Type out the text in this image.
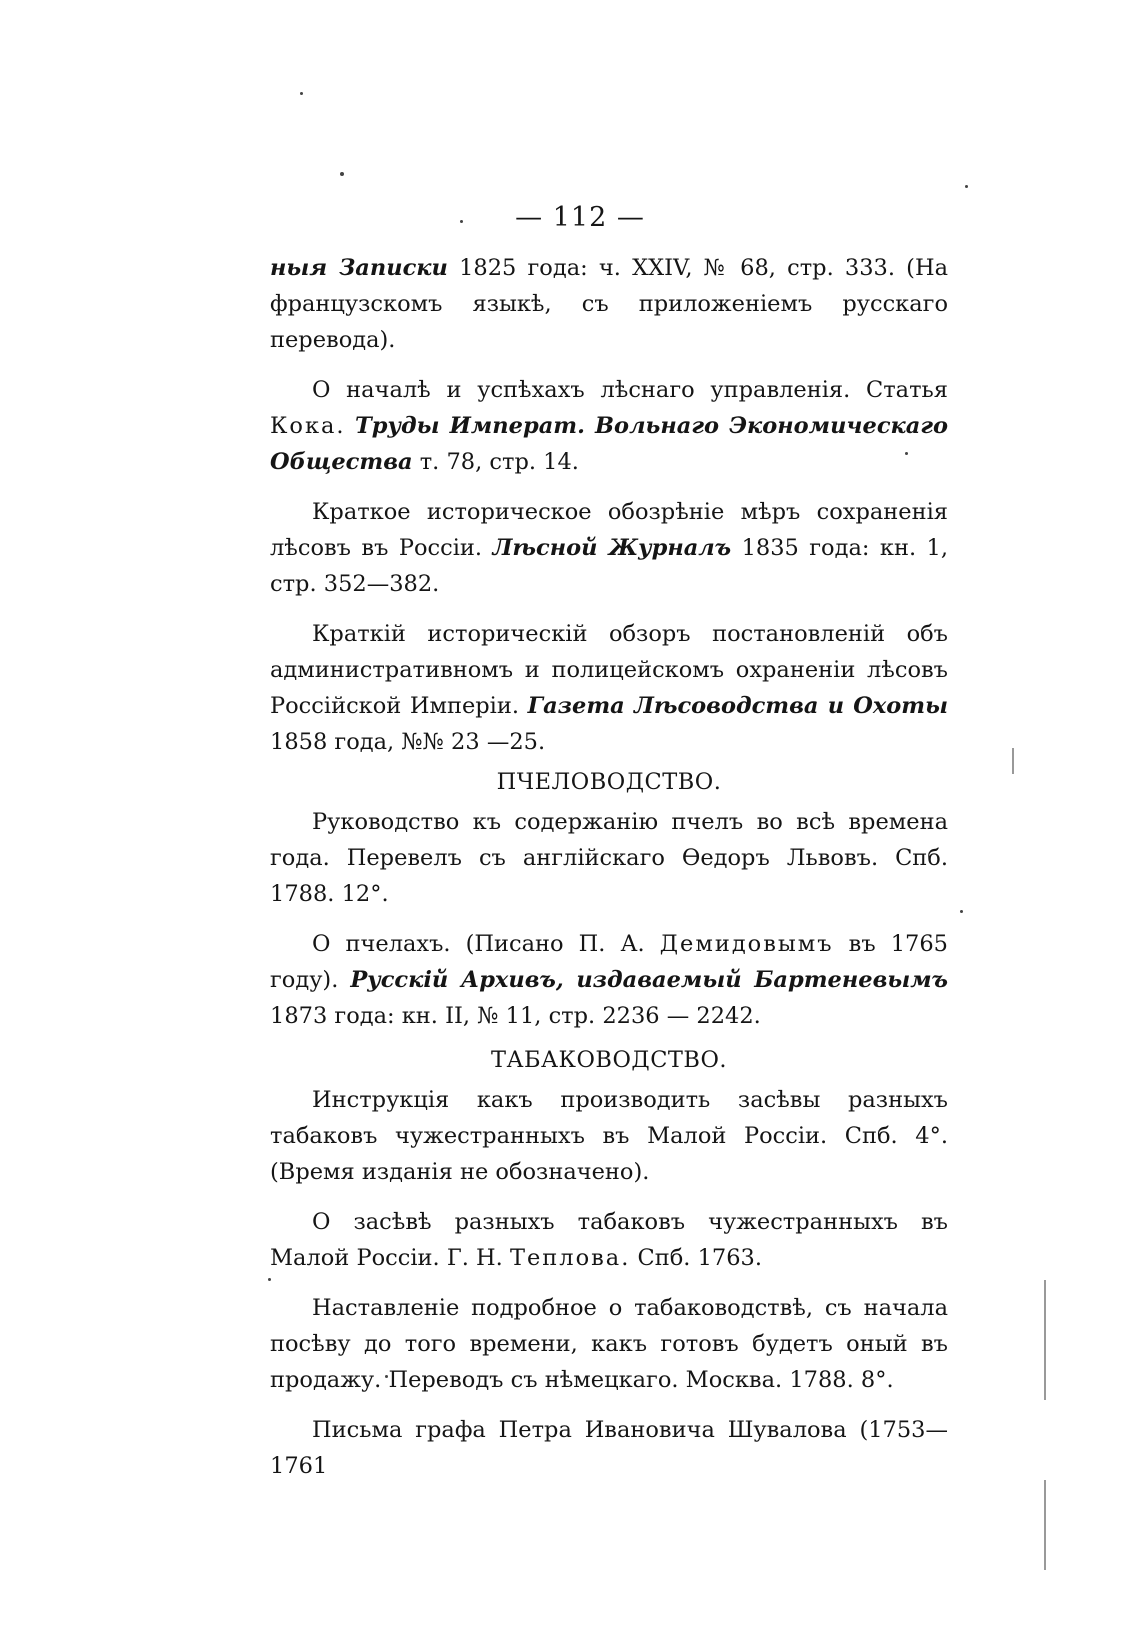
— 112 —

ныя Записки 1825 года: ч. XXIV, № 68, стр. 333. (На французскомъ языкѣ, съ приложеніемъ русскаго перевода).

О началѣ и успѣхахъ лѣснаго управленія. Статья Кока. Труды Императ. Вольнаго Экономическаго Общества т. 78, стр. 14.

Краткое историческое обозрѣніе мѣръ сохраненія лѣсовъ въ Россіи. Лѣсной Журналъ 1835 года: кн. 1, стр. 352—382.

Краткій историческій обзоръ постановленій объ административномъ и полицейскомъ охраненіи лѣсовъ Россійской Имперіи. Газета Лѣсоводства и Охоты 1858 года, №№ 23 —25.

ПЧЕЛОВОДСТВО.

Руководство къ содержанію пчелъ во всѣ времена года. Перевелъ съ англійскаго Ѳедоръ Львовъ. Спб. 1788. 12°.

О пчелахъ. (Писано П. А. Демидовымъ въ 1765 году). Русскій Архивъ, издаваемый Бартеневымъ 1873 года: кн. II, № 11, стр. 2236 — 2242.

ТАБАКОВОДСТВО.

Инструкція какъ производить засѣвы разныхъ табаковъ чужестранныхъ въ Малой Россіи. Спб. 4°. (Время изданія не обозначено).

О засѣвѣ разныхъ табаковъ чужестранныхъ въ Малой Россіи. Г. Н. Теплова. Спб. 1763.

Наставленіе подробное о табаководствѣ, съ начала посѣву до того времени, какъ готовъ будетъ оный въ продажу. Переводъ съ нѣмецкаго. Москва. 1788. 8°.

Письма графа Петра Ивановича Шувалова (1753—1761
